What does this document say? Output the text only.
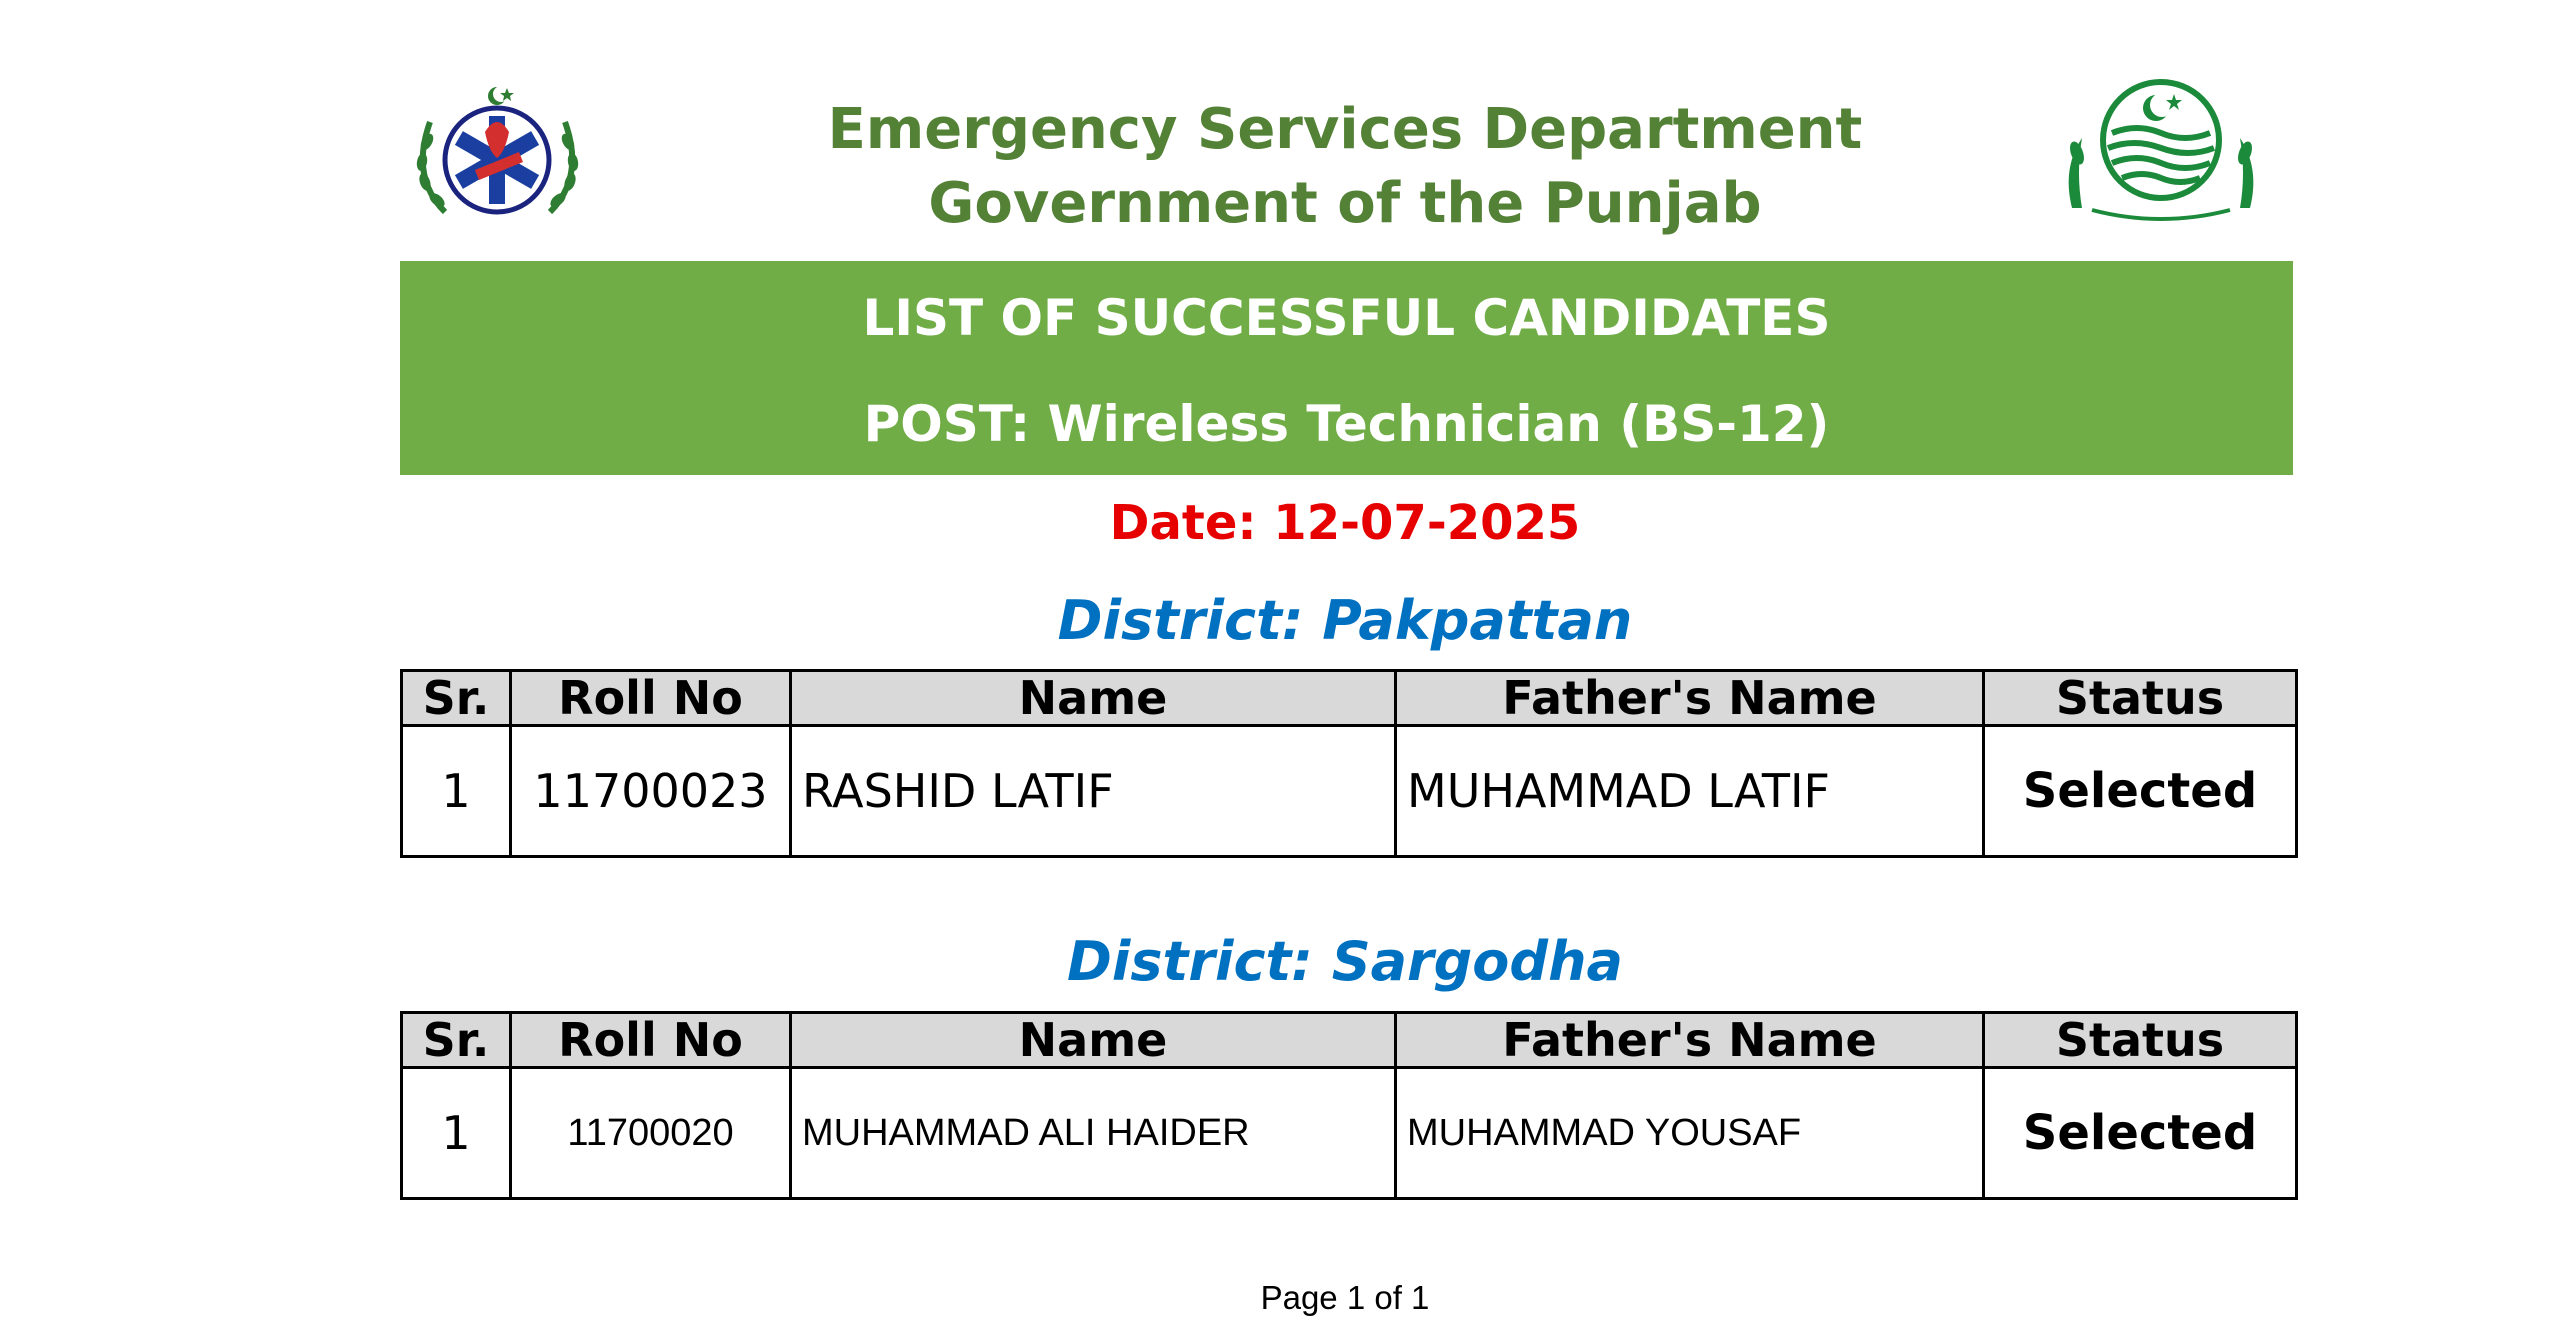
Emergency Services Department
Government of the Punjab
LIST OF SUCCESSFUL CANDIDATES
POST: Wireless Technician (BS-12)
Date: 12-07-2025
District: Pakpattan
Sr.	Roll No	Name	Father's Name	Status
1	11700023	RASHID LATIF	MUHAMMAD LATIF	Selected
District: Sargodha
Sr.	Roll No	Name	Father's Name	Status
1	11700020	MUHAMMAD ALI HAIDER	MUHAMMAD YOUSAF	Selected
Page 1 of 1
